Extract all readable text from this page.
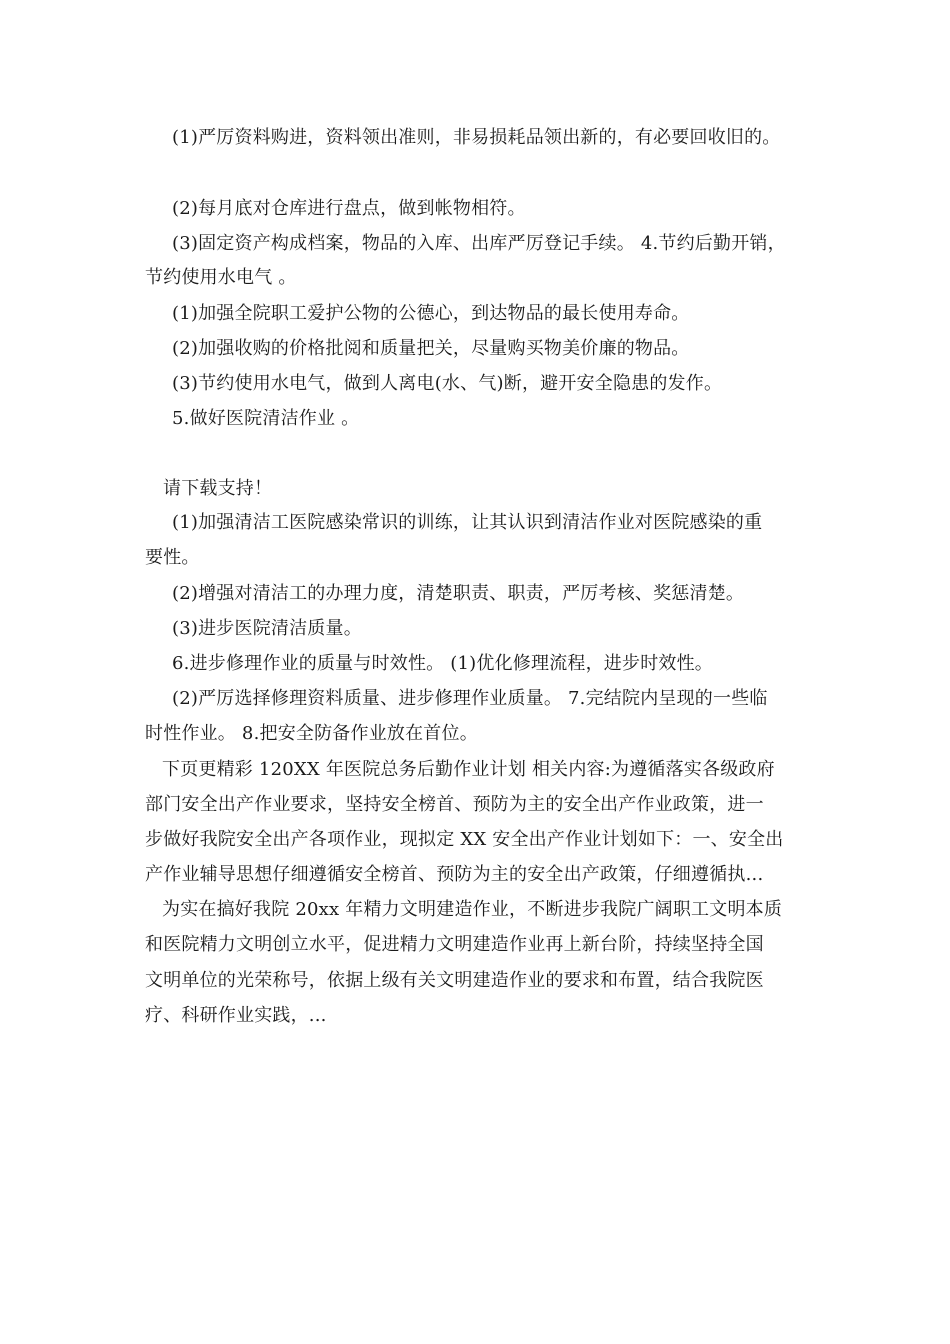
(1)严厉资料购进，资料领出准则，非易损耗品领出新的，有必要回收旧的。
(2)每月底对仓库进行盘点，做到帐物相符。
(3)固定资产构成档案，物品的入库、出库严厉登记手续。 4.节约后勤开销，
节约使用水电气 。
(1)加强全院职工爱护公物的公德心，到达物品的最长使用寿命。
(2)加强收购的价格批阅和质量把关，尽量购买物美价廉的物品。
(3)节约使用水电气，做到人离电(水、气)断，避开安全隐患的发作。
5.做好医院清洁作业 。
请下载支持！
(1)加强清洁工医院感染常识的训练，让其认识到清洁作业对医院感染的重
要性。
(2)增强对清洁工的办理力度，清楚职责、职责，严厉考核、奖惩清楚。
(3)进步医院清洁质量。
6.进步修理作业的质量与时效性。 (1)优化修理流程，进步时效性。
(2)严厉选择修理资料质量、进步修理作业质量。 7.完结院内呈现的一些临
时性作业。 8.把安全防备作业放在首位。
下页更精彩 120XX 年医院总务后勤作业计划 相关内容:为遵循落实各级政府
部门安全出产作业要求，坚持安全榜首、预防为主的安全出产作业政策，进一
步做好我院安全出产各项作业，现拟定 XX 安全出产作业计划如下：一、安全出
产作业辅导思想仔细遵循安全榜首、预防为主的安全出产政策，仔细遵循执...
为实在搞好我院 20xx 年精力文明建造作业，不断进步我院广阔职工文明本质
和医院精力文明创立水平，促进精力文明建造作业再上新台阶，持续坚持全国
文明单位的光荣称号，依据上级有关文明建造作业的要求和布置，结合我院医
疗、科研作业实践，...
